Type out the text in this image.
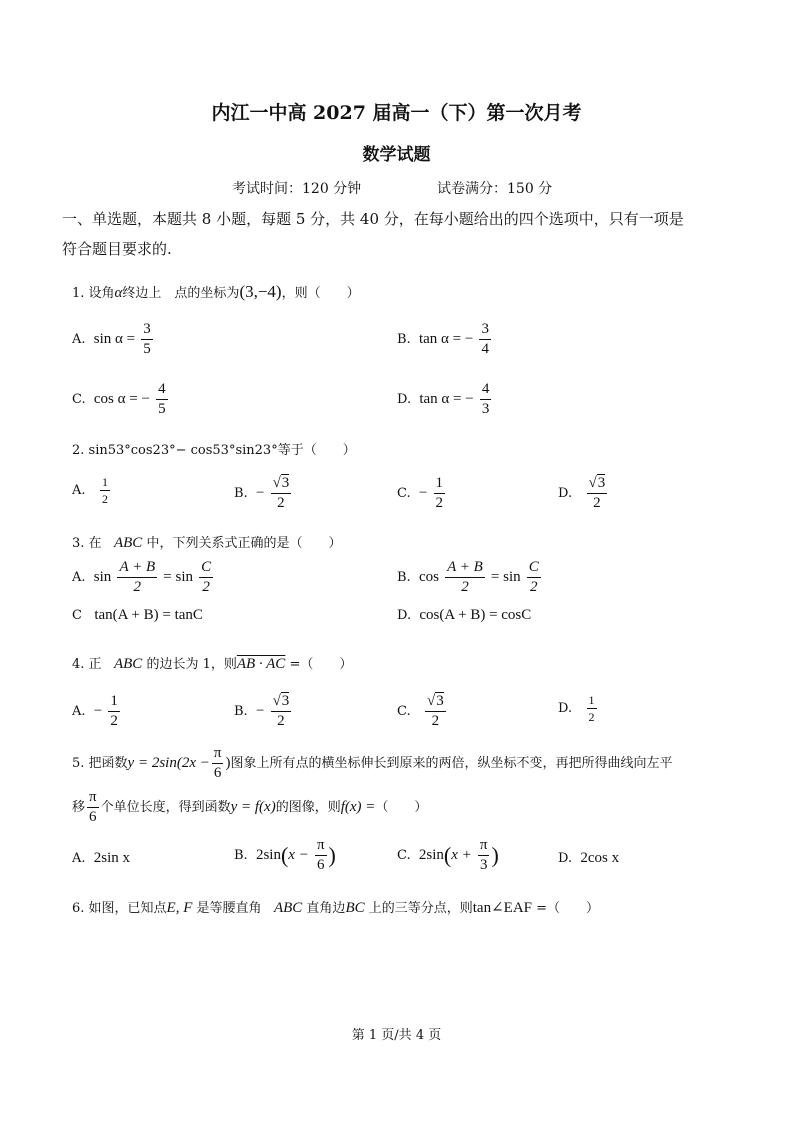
内江一中高 2027 届高一（下）第一次月考
数学试题
考试时间：120 分钟	试卷满分：150 分
一、单选题，本题共 8 小题，每题 5 分，共 40 分，在每小题给出的四个选项中，只有一项是
符合题目要求的.
1. 设角α终边上　点的坐标为(3,−4)，则（　　）
A. $\sin \alpha = \frac{3}{5}$	B. tan α = − $\frac{3}{4}$
C. cos α = − $\frac{4}{5}$	D. tan α = − $\frac{4}{3}$
2. sin53°cos23°− cos53°sin23°等于（　　）
A. $\frac{1}{2}$	B. − $\frac{√3}{2}$	C. − $\frac{1}{2}$	D. $\frac{√3}{2}$
3. 在 ABC 中，下列关系式正确的是（　　）
A. $\sin \frac{A + B}{2} = \sin \frac{C}{2}$	B. $\cos \frac{A + B}{2} = \sin \frac{C}{2}$
C tan(A + B) = tanC	D. cos(A + B) = cosC
4. 正 ABC 的边长为 1，则AB · AC =（　　）
A. − $\frac{1}{2}$	B. − $\frac{√3}{2}$	C. $\frac{√3}{2}$	D. $\frac{1}{2}$
5. 把函数$y = 2\sin(2x - \frac{\pi}{6}$ )图象上所有点的横坐标伸长到原来的两倍，纵坐标不变，再把所得曲线向左平
移 $\frac{\pi}{6}$ 个单位长度，得到函数y = f(x)的图像，则f(x) =（　　）
A. 2sin x	B. $2\sin(x - \frac{\pi}{6}$ )	C. $2\sin(x + \frac{\pi}{3}$ )	D. 2cos x
6. 如图，已知点E, F 是等腰直角 ABC 直角边BC 上的三等分点，则tan∠EAF =（　　）
第 1 页/共 4 页
